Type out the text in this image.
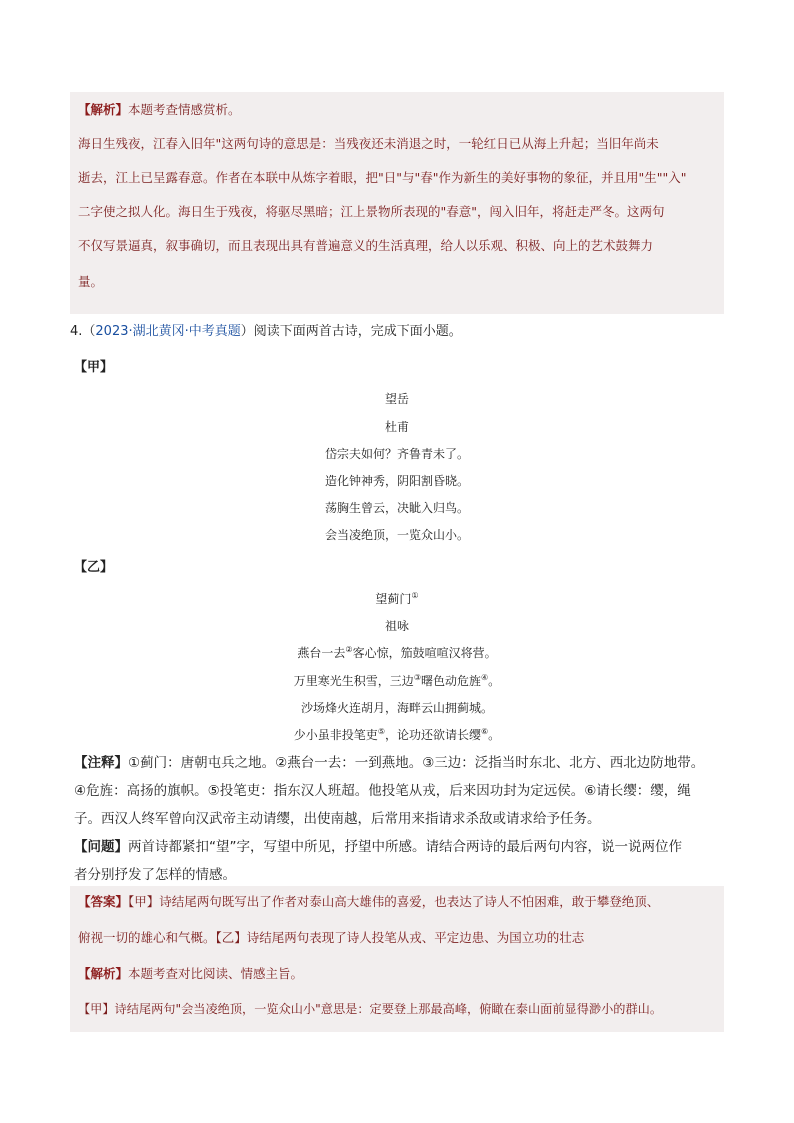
【解析】本题考查情感赏析。
海日生残夜，江春入旧年"这两句诗的意思是：当残夜还未消退之时，一轮红日已从海上升起；当旧年尚未
逝去，江上已呈露春意。作者在本联中从炼字着眼，把"日"与"春"作为新生的美好事物的象征，并且用"生""入"
二字使之拟人化。海日生于残夜，将驱尽黑暗；江上景物所表现的"春意"，闯入旧年，将赶走严冬。这两句
不仅写景逼真，叙事确切，而且表现出具有普遍意义的生活真理，给人以乐观、积极、向上的艺术鼓舞力
量。
4.（2023·湖北黄冈·中考真题）阅读下面两首古诗，完成下面小题。
【甲】
望岳
杜甫
岱宗夫如何？齐鲁青未了。
造化钟神秀，阴阳割昏晓。
荡胸生曾云，决眦入归鸟。
会当凌绝顶，一览众山小。
【乙】
望蓟门①
祖咏
燕台一去②客心惊，笳鼓喧喧汉将营。
万里寒光生积雪，三边③曙色动危旌④。
沙场烽火连胡月，海畔云山拥蓟城。
少小虽非投笔吏⑤，论功还欲请长缨⑥。
【注释】①蓟门：唐朝屯兵之地。②燕台一去：一到燕地。③三边：泛指当时东北、北方、西北边防地带。
④危旌：高扬的旗帜。⑤投笔吏：指东汉人班超。他投笔从戎，后来因功封为定远侯。⑥请长缨：缨，绳
子。西汉人终军曾向汉武帝主动请缨，出使南越，后常用来指请求杀敌或请求给予任务。
【问题】两首诗都紧扣“望”字，写望中所见，抒望中所感。请结合两诗的最后两句内容，说一说两位作
者分别抒发了怎样的情感。
【答案】【甲】诗结尾两句既写出了作者对泰山高大雄伟的喜爱，也表达了诗人不怕困难，敢于攀登绝顶、
俯视一切的雄心和气概。【乙】诗结尾两句表现了诗人投笔从戎、平定边患、为国立功的壮志
【解析】本题考查对比阅读、情感主旨。
【甲】诗结尾两句"会当凌绝顶，一览众山小"意思是：定要登上那最高峰，俯瞰在泰山面前显得渺小的群山。
